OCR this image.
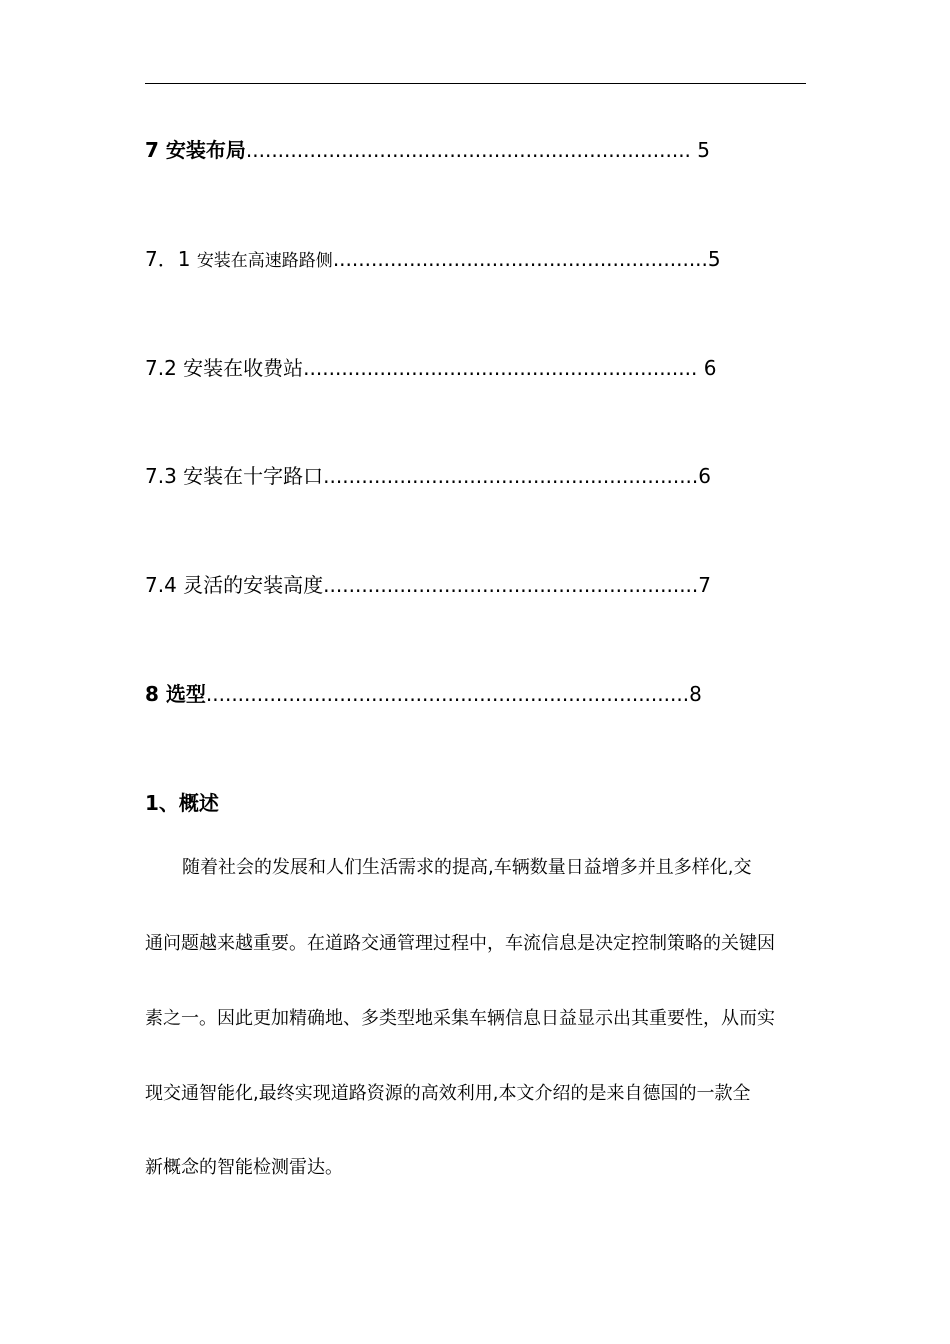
7 安装布局...................................................................... 5
7．1 安装在高速路路侧...........................................................5
7.2 安装在收费站.............................................................. 6
7.3 安装在十字路口...........................................................6
7.4 灵活的安装高度...........................................................7
8 选型............................................................................8
1、概述
随着社会的发展和人们生活需求的提高,车辆数量日益增多并且多样化,交
通问题越来越重要。在道路交通管理过程中，车流信息是决定控制策略的关键因
素之一。因此更加精确地、多类型地采集车辆信息日益显示出其重要性，从而实
现交通智能化,最终实现道路资源的高效利用,本文介绍的是来自德国的一款全
新概念的智能检测雷达。
